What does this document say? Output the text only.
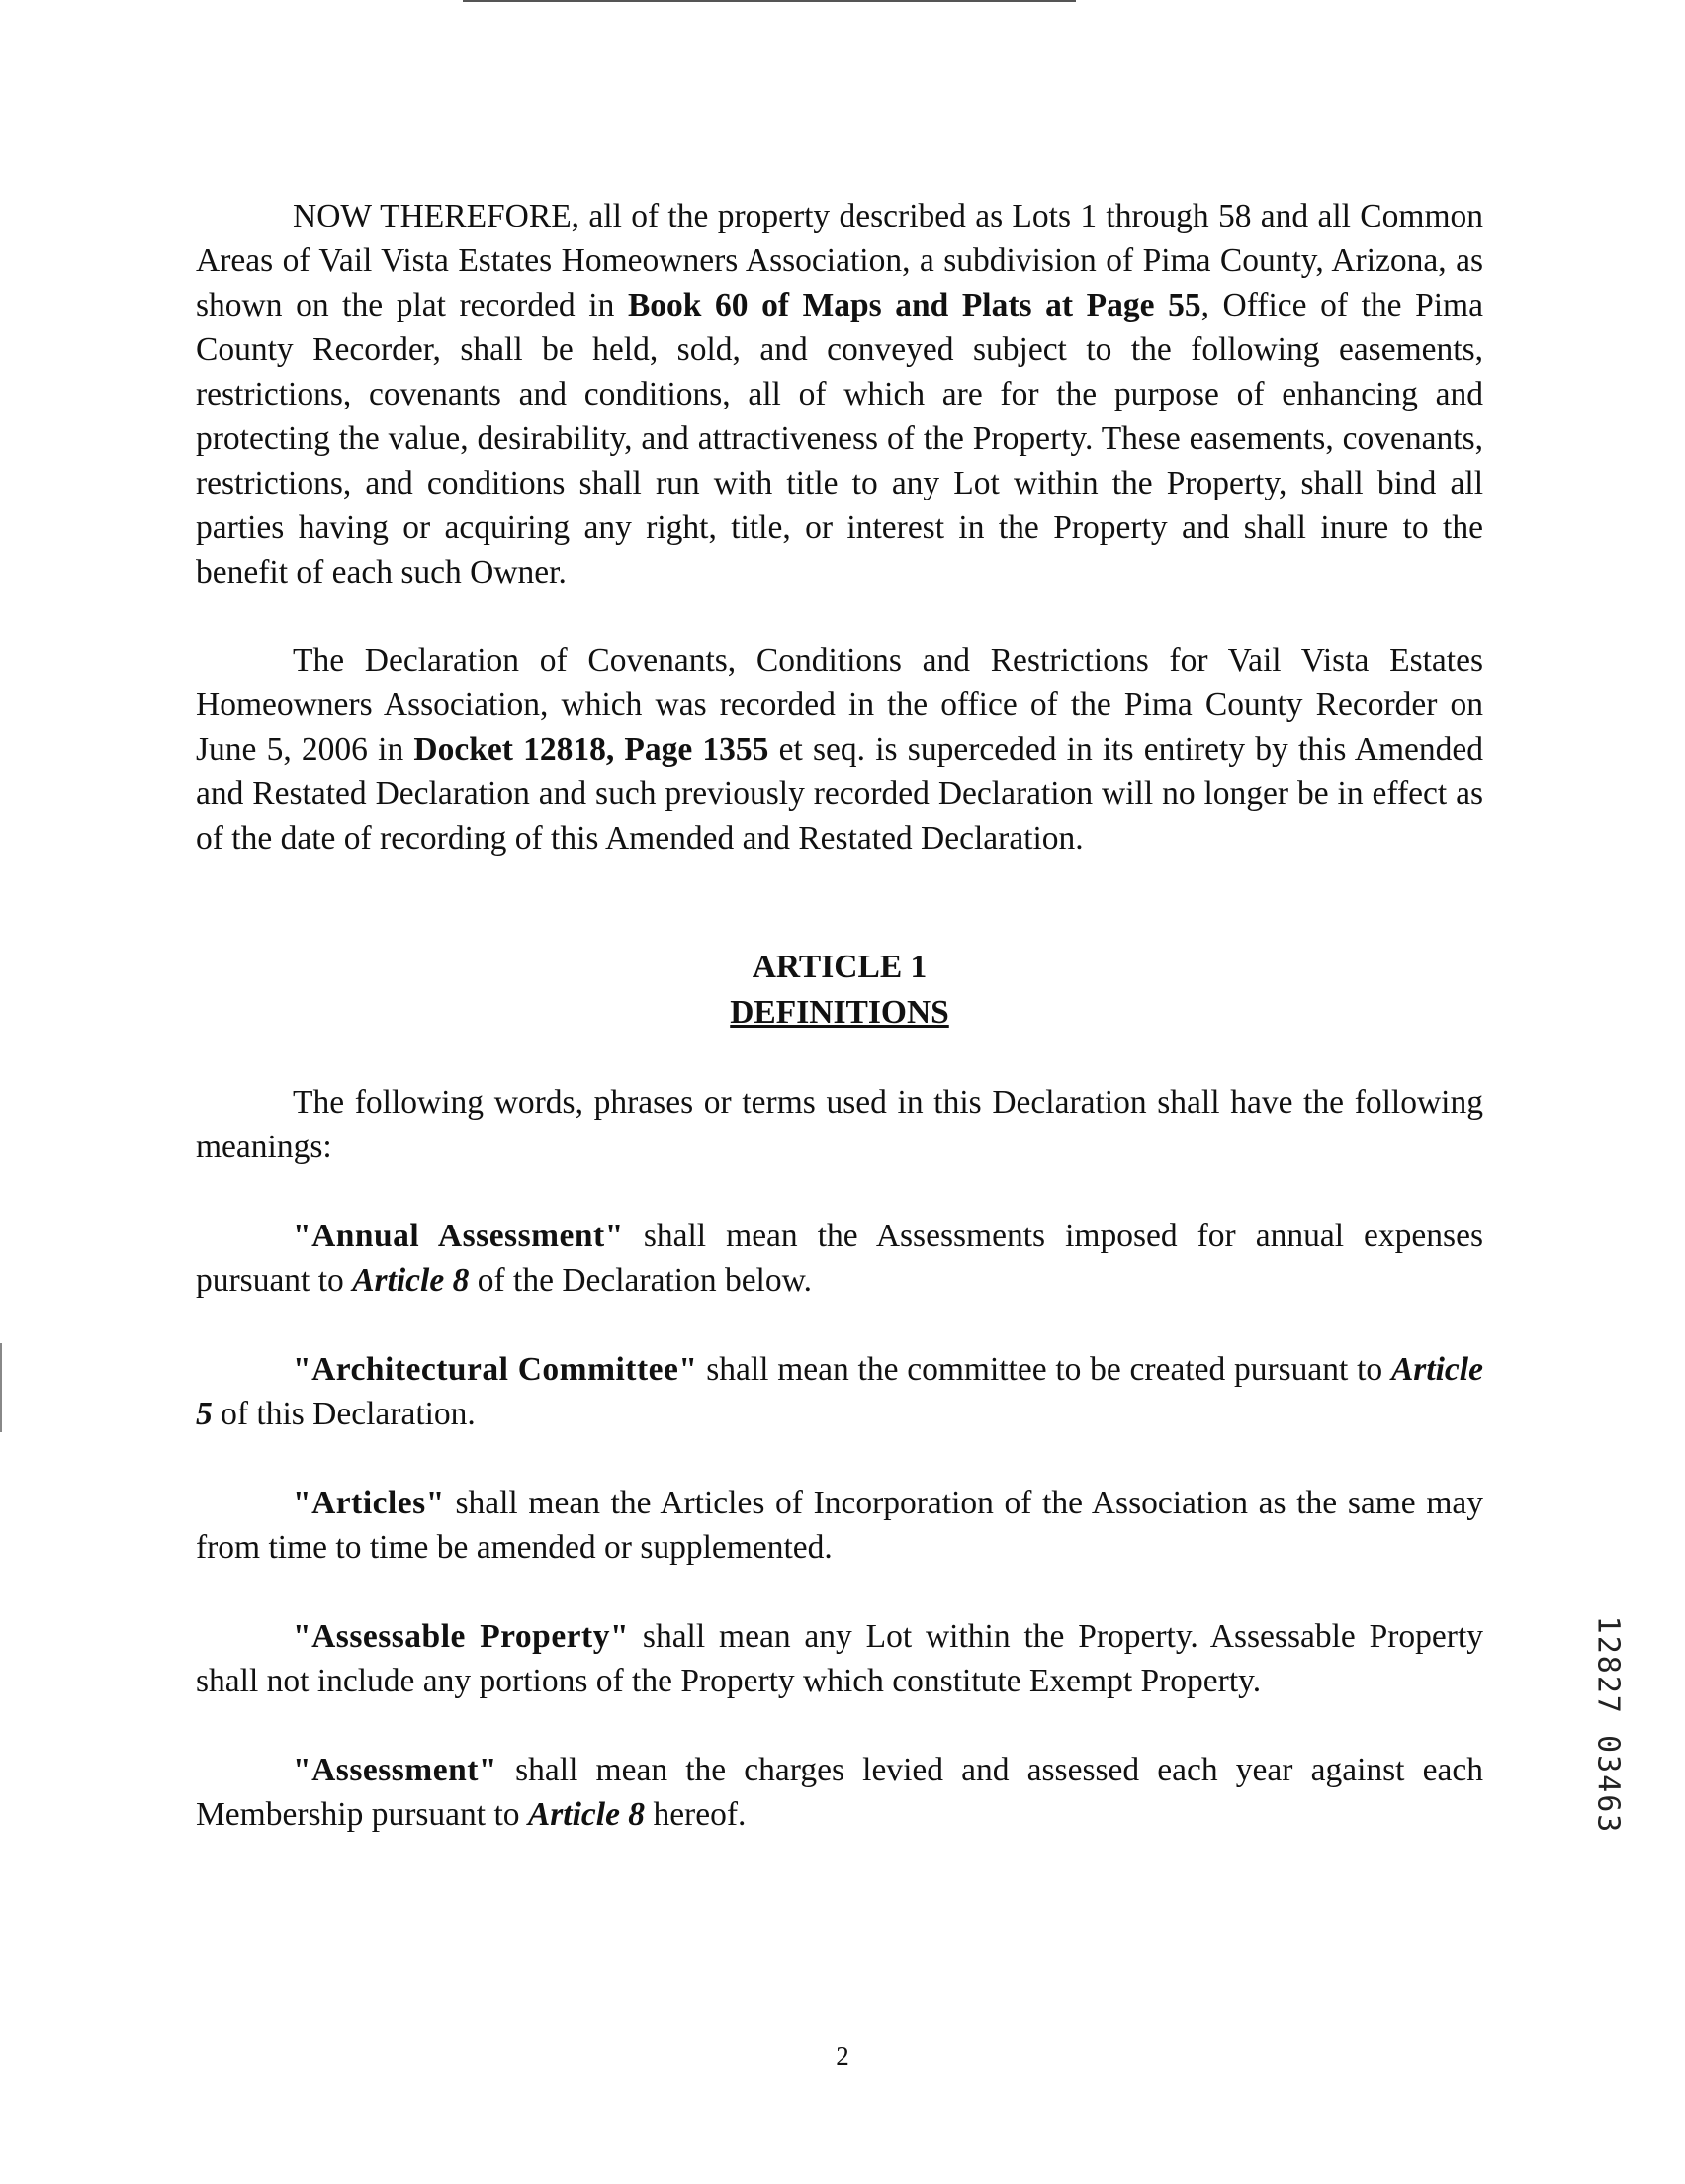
NOW THEREFORE, all of the property described as Lots 1 through 58 and all Common Areas of Vail Vista Estates Homeowners Association, a subdivision of Pima County, Arizona, as shown on the plat recorded in Book 60 of Maps and Plats at Page 55, Office of the Pima County Recorder, shall be held, sold, and conveyed subject to the following easements, restrictions, covenants and conditions, all of which are for the purpose of enhancing and protecting the value, desirability, and attractiveness of the Property. These easements, covenants, restrictions, and conditions shall run with title to any Lot within the Property, shall bind all parties having or acquiring any right, title, or interest in the Property and shall inure to the benefit of each such Owner.

The Declaration of Covenants, Conditions and Restrictions for Vail Vista Estates Homeowners Association, which was recorded in the office of the Pima County Recorder on June 5, 2006 in Docket 12818, Page 1355 et seq. is superceded in its entirety by this Amended and Restated Declaration and such previously recorded Declaration will no longer be in effect as of the date of recording of this Amended and Restated Declaration.

ARTICLE 1
DEFINITIONS

The following words, phrases or terms used in this Declaration shall have the following meanings:

"Annual Assessment" shall mean the Assessments imposed for annual expenses pursuant to Article 8 of the Declaration below.

"Architectural Committee" shall mean the committee to be created pursuant to Article 5 of this Declaration.

"Articles" shall mean the Articles of Incorporation of the Association as the same may from time to time be amended or supplemented.

"Assessable Property" shall mean any Lot within the Property. Assessable Property shall not include any portions of the Property which constitute Exempt Property.

"Assessment" shall mean the charges levied and assessed each year against each Membership pursuant to Article 8 hereof.	12827 03463
2
